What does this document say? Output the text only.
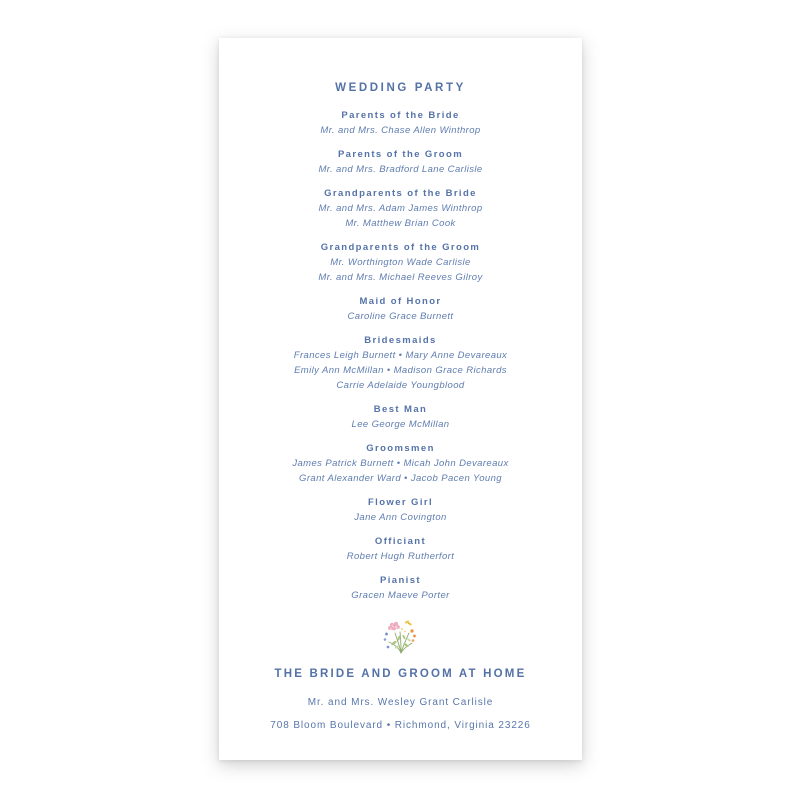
WEDDING PARTY
Parents of the Bride
Mr. and Mrs. Chase Allen Winthrop
Parents of the Groom
Mr. and Mrs. Bradford Lane Carlisle
Grandparents of the Bride
Mr. and Mrs. Adam James Winthrop
Mr. Matthew Brian Cook
Grandparents of the Groom
Mr. Worthington Wade Carlisle
Mr. and Mrs. Michael Reeves Gilroy
Maid of Honor
Caroline Grace Burnett
Bridesmaids
Frances Leigh Burnett • Mary Anne Devareaux
Emily Ann McMillan • Madison Grace Richards
Carrie Adelaide Youngblood
Best Man
Lee George McMillan
Groomsmen
James Patrick Burnett • Micah John Devareaux
Grant Alexander Ward • Jacob Pacen Young
Flower Girl
Jane Ann Covington
Officiant
Robert Hugh Rutherfort
Pianist
Gracen Maeve Porter
THE BRIDE AND GROOM AT HOME
Mr. and Mrs. Wesley Grant Carlisle
708 Bloom Boulevard • Richmond, Virginia 23226
